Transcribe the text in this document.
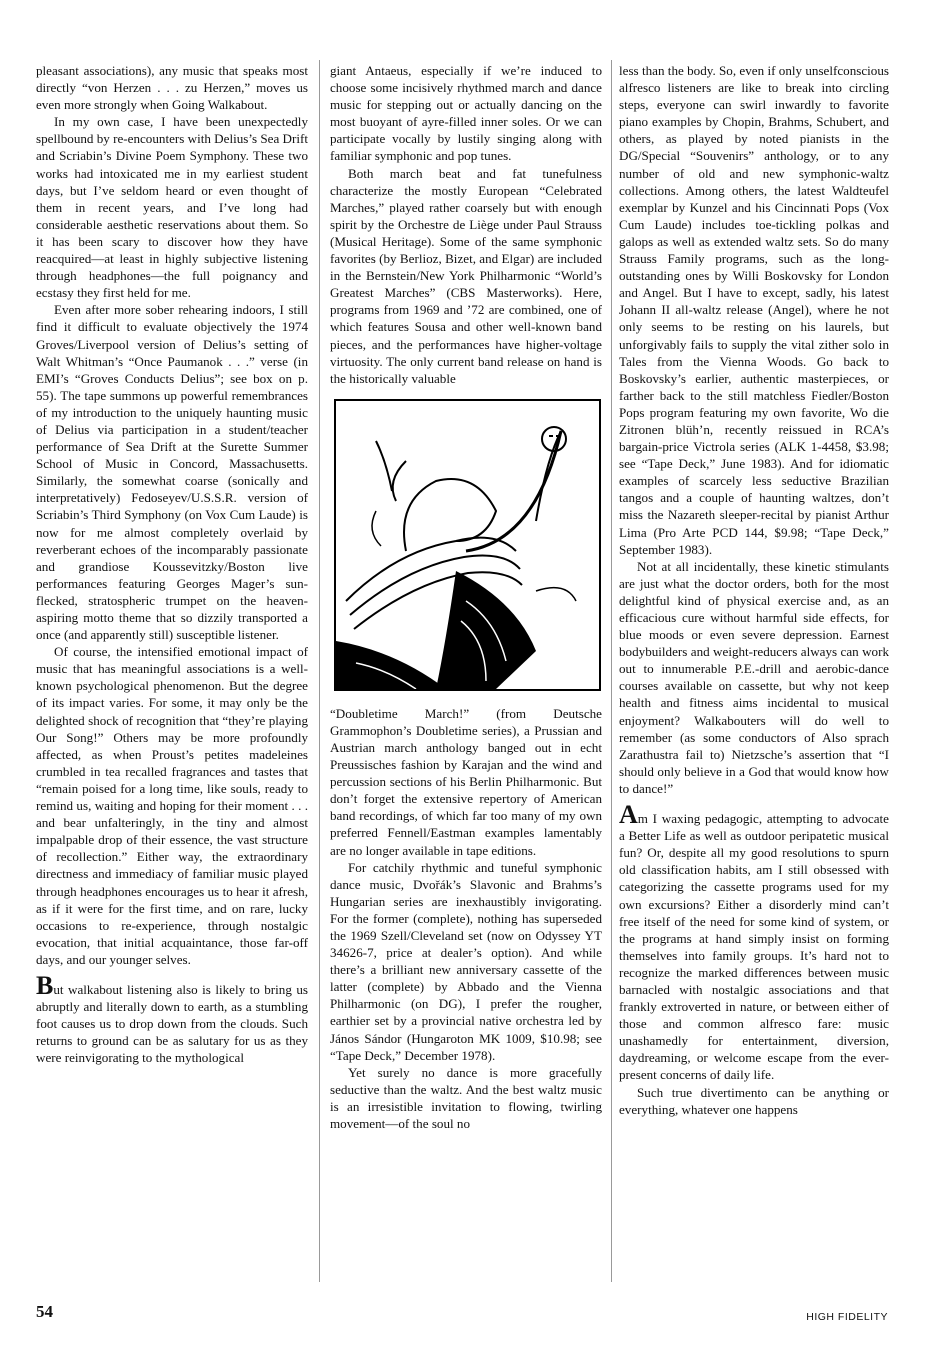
pleasant associations), any music that speaks most directly “von Herzen . . . zu Herzen,” moves us even more strongly when Going Walkabout.

In my own case, I have been unexpectedly spellbound by re-encounters with Delius’s Sea Drift and Scriabin’s Divine Poem Symphony. These two works had intoxicated me in my earliest student days, but I’ve seldom heard or even thought of them in recent years, and I’ve long had considerable aesthetic reservations about them. So it has been scary to discover how they have reacquired—at least in highly subjective listening through headphones—the full poignancy and ecstasy they first held for me.

Even after more sober rehearing indoors, I still find it difficult to evaluate objectively the 1974 Groves/Liverpool version of Delius’s setting of Walt Whitman’s “Once Paumanok . . .” verse (in EMI’s “Groves Conducts Delius”; see box on p. 55). The tape summons up powerful remembrances of my introduction to the uniquely haunting music of Delius via participation in a student/teacher performance of Sea Drift at the Surette Summer School of Music in Concord, Massachusetts. Similarly, the somewhat coarse (sonically and interpretatively) Fedoseyev/U.S.S.R. version of Scriabin’s Third Symphony (on Vox Cum Laude) is now for me almost completely overlaid by reverberant echoes of the incomparably passionate and grandiose Koussevitzky/Boston live performances featuring Georges Mager’s sun-flecked, stratospheric trumpet on the heaven-aspiring motto theme that so dizzily transported a once (and apparently still) susceptible listener.

Of course, the intensified emotional impact of music that has meaningful associations is a well-known psychological phenomenon. But the degree of its impact varies. For some, it may only be the delighted shock of recognition that “they’re playing Our Song!” Others may be more profoundly affected, as when Proust’s petites madeleines crumbled in tea recalled fragrances and tastes that “remain poised for a long time, like souls, ready to remind us, waiting and hoping for their moment . . . and bear unfalteringly, in the tiny and almost impalpable drop of their essence, the vast structure of recollection.” Either way, the extraordinary directness and immediacy of familiar music played through headphones encourages us to hear it afresh, as if it were for the first time, and on rare, lucky occasions to re-experience, through nostalgic evocation, that initial acquaintance, those far-off days, and our younger selves.

But walkabout listening also is likely to bring us abruptly and literally down to earth, as a stumbling foot causes us to drop down from the clouds. Such returns to ground can be as salutary for us as they were reinvigorating to the mythological

giant Antaeus, especially if we’re induced to choose some incisively rhythmed march and dance music for stepping out or actually dancing on the most buoyant of ayre-filled inner soles. Or we can participate vocally by lustily singing along with familiar symphonic and pop tunes.

Both march beat and fat tunefulness characterize the mostly European “Celebrated Marches,” played rather coarsely but with enough spirit by the Orchestre de Liège under Paul Strauss (Musical Heritage). Some of the same symphonic favorites (by Berlioz, Bizet, and Elgar) are included in the Bernstein/New York Philharmonic “World’s Greatest Marches” (CBS Masterworks). Here, programs from 1969 and ’72 are combined, one of which features Sousa and other well-known band pieces, and the performances have higher-voltage virtuosity. The only current band release on hand is the historically valuable

“Doubletime March!” (from Deutsche Grammophon’s Doubletime series), a Prussian and Austrian march anthology banged out in echt Preussisches fashion by Karajan and the wind and percussion sections of his Berlin Philharmonic. But don’t forget the extensive repertory of American band recordings, of which far too many of my own preferred Fennell/Eastman examples lamentably are no longer available in tape editions.

For catchily rhythmic and tuneful symphonic dance music, Dvořák’s Slavonic and Brahms’s Hungarian series are inexhaustibly invigorating. For the former (complete), nothing has superseded the 1969 Szell/Cleveland set (now on Odyssey YT 34626-7, price at dealer’s option). And while there’s a brilliant new anniversary cassette of the latter (complete) by Abbado and the Vienna Philharmonic (on DG), I prefer the rougher, earthier set by a provincial native orchestra led by János Sándor (Hungaroton MK 1009, $10.98; see “Tape Deck,” December 1978).

Yet surely no dance is more gracefully seductive than the waltz. And the best waltz music is an irresistible invitation to flowing, twirling movement—of the soul no

less than the body. So, even if only unselfconscious alfresco listeners are like to break into circling steps, everyone can swirl inwardly to favorite piano examples by Chopin, Brahms, Schubert, and others, as played by noted pianists in the DG/Special “Souvenirs” anthology, or to any number of old and new symphonic-waltz collections. Among others, the latest Waldteufel exemplar by Kunzel and his Cincinnati Pops (Vox Cum Laude) includes toe-tickling polkas and galops as well as extended waltz sets. So do many Strauss Family programs, such as the long-outstanding ones by Willi Boskovsky for London and Angel. But I have to except, sadly, his latest Johann II all-waltz release (Angel), where he not only seems to be resting on his laurels, but unforgivably fails to supply the vital zither solo in Tales from the Vienna Woods. Go back to Boskovsky’s earlier, authentic masterpieces, or farther back to the still matchless Fiedler/Boston Pops program featuring my own favorite, Wo die Zitronen blüh’n, recently reissued in RCA’s bargain-price Victrola series (ALK 1-4458, $3.98; see “Tape Deck,” June 1983). And for idiomatic examples of scarcely less seductive Brazilian tangos and a couple of haunting waltzes, don’t miss the Nazareth sleeper-recital by pianist Arthur Lima (Pro Arte PCD 144, $9.98; “Tape Deck,” September 1983).

Not at all incidentally, these kinetic stimulants are just what the doctor orders, both for the most delightful kind of physical exercise and, as an efficacious cure without harmful side effects, for blue moods or even severe depression. Earnest bodybuilders and weight-reducers always can work out to innumerable P.E.-drill and aerobic-dance courses available on cassette, but why not keep health and fitness aims incidental to musical enjoyment? Walkabouters will do well to remember (as some conductors of Also sprach Zarathustra fail to) Nietzsche’s assertion that “I should only believe in a God that would know how to dance!”

Am I waxing pedagogic, attempting to advocate a Better Life as well as outdoor peripatetic musical fun? Or, despite all my good resolutions to spurn old classification habits, am I still obsessed with categorizing the cassette programs used for my own excursions? Either a disorderly mind can’t free itself of the need for some kind of system, or the programs at hand simply insist on forming themselves into family groups. It’s hard not to recognize the marked differences between music barnacled with nostalgic associations and that frankly extroverted in nature, or between either of those and common alfresco fare: music unashamedly for entertainment, diversion, daydreaming, or welcome escape from the ever-present concerns of daily life.

Such true divertimento can be anything or everything, whatever one happens

54	HIGH FIDELITY
